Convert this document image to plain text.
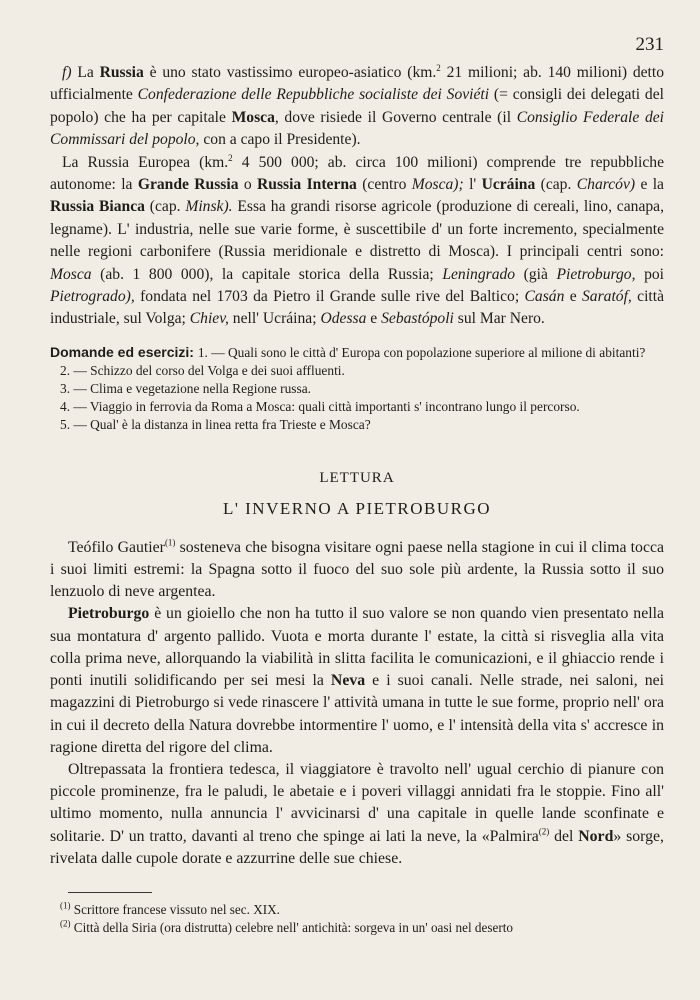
231

f) La Russia è uno stato vastissimo europeo-asiatico (km.$^2$ 21 milioni; ab. 140 milioni) detto ufficialmente Confederazione delle Repubbliche socialiste dei Soviéti (= consigli dei delegati del popolo) che ha per capitale Mosca, dove risiede il Governo centrale (il Consiglio Federale dei Commissari del popolo, con a capo il Presidente).

La Russia Europea (km.$^2$ 4 500 000; ab. circa 100 milioni) comprende tre repubbliche autonome: la Grande Russia o Russia Interna (centro Mosca); l' Ucráina (cap. Charcóv) e la Russia Bianca (cap. Minsk). Essa ha grandi risorse agricole (produzione di cereali, lino, canapa, legname). L' industria, nelle sue varie forme, è suscettibile d' un forte incremento, specialmente nelle regioni carbonifere (Russia meridionale e distretto di Mosca). I principali centri sono: Mosca (ab. 1 800 000), la capitale storica della Russia; Leningrado (già Pietroburgo, poi Pietrogrado), fondata nel 1703 da Pietro il Grande sulle rive del Baltico; Casán e Saratóf, città industriale, sul Volga; Chiev, nell' Ucráina; Odessa e Sebastópoli sul Mar Nero.

Domande ed esercizi: 1. — Quali sono le città d' Europa con popolazione superiore al milione di abitanti?
2. — Schizzo del corso del Volga e dei suoi affluenti.
3. — Clima e vegetazione nella Regione russa.
4. — Viaggio in ferrovia da Roma a Mosca: quali città importanti s' incontrano lungo il percorso.
5. — Qual' è la distanza in linea retta fra Trieste e Mosca?
LETTURA
L' INVERNO A PIETROBURGO

Teófilo Gautier$^{(1)}$ sosteneva che bisogna visitare ogni paese nella stagione in cui il clima tocca i suoi limiti estremi: la Spagna sotto il fuoco del suo sole più ardente, la Russia sotto il suo lenzuolo di neve argentea.

Pietroburgo è un gioiello che non ha tutto il suo valore se non quando vien presentato nella sua montatura d' argento pallido. Vuota e morta durante l' estate, la città si risveglia alla vita colla prima neve, allorquando la viabilità in slitta facilita le comunicazioni, e il ghiaccio rende i ponti inutili solidificando per sei mesi la Neva e i suoi canali. Nelle strade, nei saloni, nei magazzini di Pietroburgo si vede rinascere l' attività umana in tutte le sue forme, proprio nell' ora in cui il decreto della Natura dovrebbe intormentire l' uomo, e l' intensità della vita s' accresce in ragione diretta del rigore del clima.

Oltrepassata la frontiera tedesca, il viaggiatore è travolto nell' ugual cerchio di pianure con piccole prominenze, fra le paludi, le abetaie e i poveri villaggi annidati fra le stoppie. Fino all' ultimo momento, nulla annuncia l' avvicinarsi d' una capitale in quelle lande sconfinate e solitarie. D' un tratto, davanti al treno che spinge ai lati la neve, la «Palmira$^{(2)}$ del Nord» sorge, rivelata dalle cupole dorate e azzurrine delle sue chiese.

$^{(1)}$ Scrittore francese vissuto nel sec. XIX.

$^{(2)}$ Città della Siria (ora distrutta) celebre nell' antichità: sorgeva in un' oasi nel deserto
